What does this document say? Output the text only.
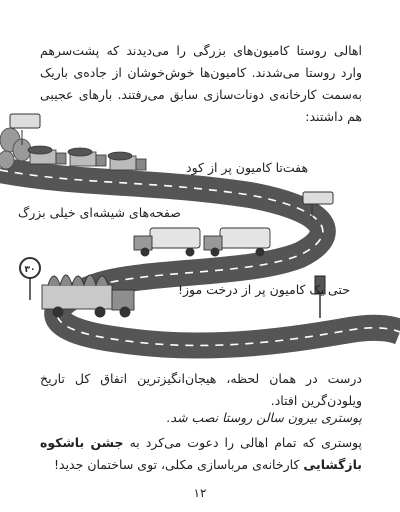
۳۰

اهالی روستا کامیون‌های بزرگی را می‌دیدند که پشت‌سرهم وارد روستا می‌شدند. کامیون‌ها خوش‌خوشان از جاده‌ی باریک به‌سمت کارخانه‌ی دونات‌سازی سابق می‌رفتند. بارهای عجیبی هم داشتند:

هفت‌تا کامیون پر از کود

صفحه‌های شیشه‌ای خیلی بزرگ

حتی یک کامیون پر از درخت موز!

درست در همان لحظه، هیجان‌انگیزترین اتفاق کل تاریخ ویلودن‌گرین افتاد.

پوستری بیرون سالن روستا نصب شد.

پوستری که تمام اهالی را دعوت می‌کرد به جشن باشکوه بازگشایی کارخانه‌ی مرباسازی مکلی، توی ساختمان جدید!

۱۲
